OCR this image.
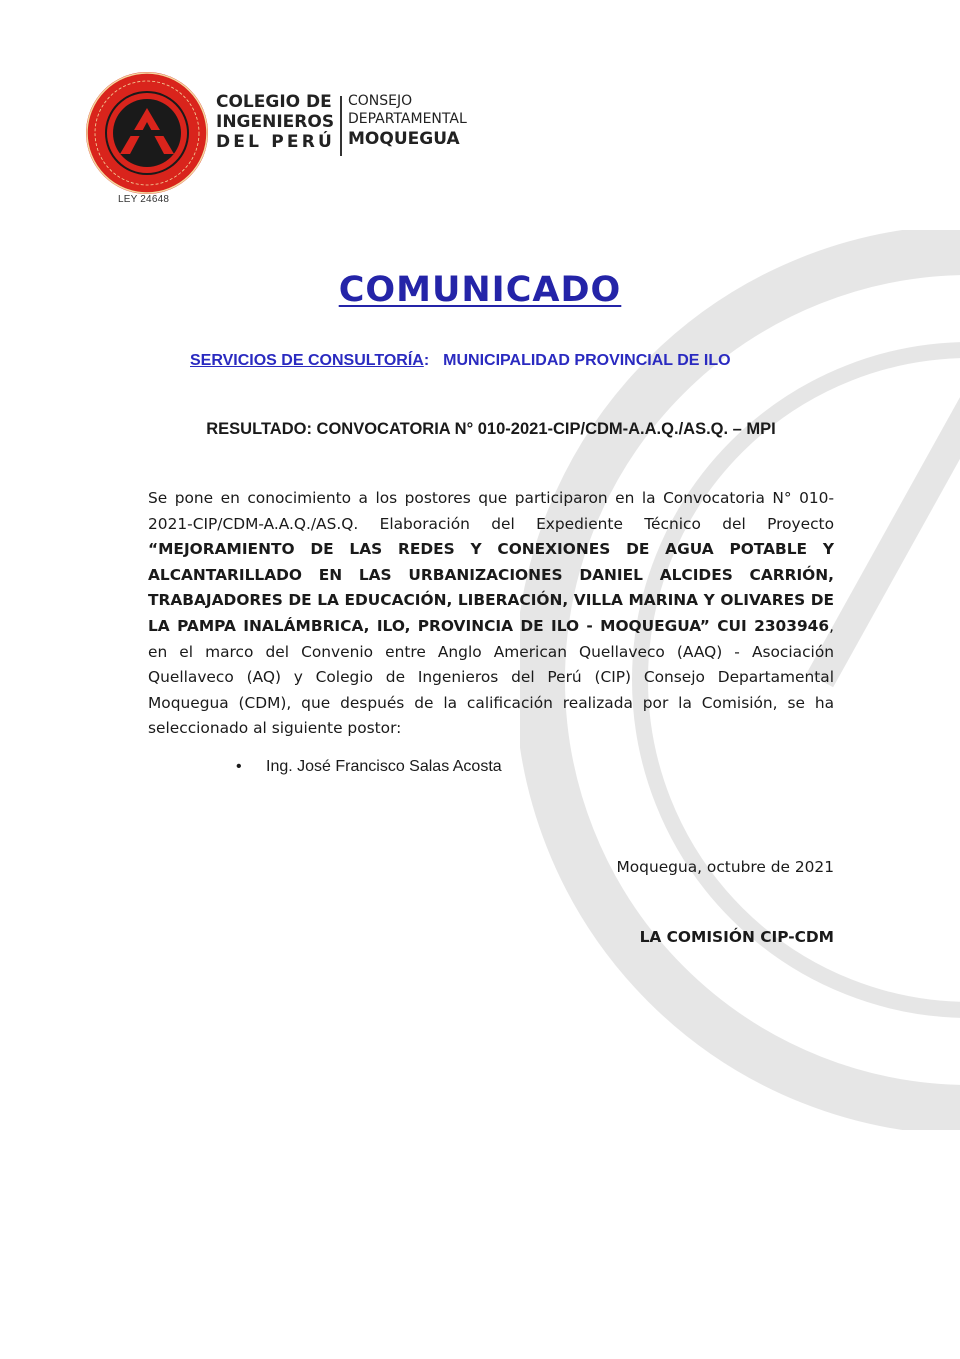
LEY 24648
COLEGIO DE
INGENIEROS
DEL PERÚ
CONSEJO
DEPARTAMENTAL
MOQUEGUA
COMUNICADO
SERVICIOS DE CONSULTORÍA: MUNICIPALIDAD PROVINCIAL DE ILO
RESULTADO: CONVOCATORIA N° 010-2021-CIP/CDM-A.A.Q./AS.Q. – MPI
Se pone en conocimiento a los postores que participaron en la Convocatoria N° 010-2021-CIP/CDM-A.A.Q./AS.Q. Elaboración del Expediente Técnico del Proyecto “MEJORAMIENTO DE LAS REDES Y CONEXIONES DE AGUA POTABLE Y ALCANTARILLADO EN LAS URBANIZACIONES DANIEL ALCIDES CARRIÓN, TRABAJADORES DE LA EDUCACIÓN, LIBERACIÓN, VILLA MARINA Y OLIVARES DE LA PAMPA INALÁMBRICA, ILO, PROVINCIA DE ILO - MOQUEGUA” CUI 2303946, en el marco del Convenio entre Anglo American Quellaveco (AAQ) - Asociación Quellaveco (AQ) y Colegio de Ingenieros del Perú (CIP) Consejo Departamental Moquegua (CDM), que después de la calificación realizada por la Comisión, se ha seleccionado al siguiente postor:
• Ing. José Francisco Salas Acosta
Moquegua, octubre de 2021
LA COMISIÓN CIP-CDM
